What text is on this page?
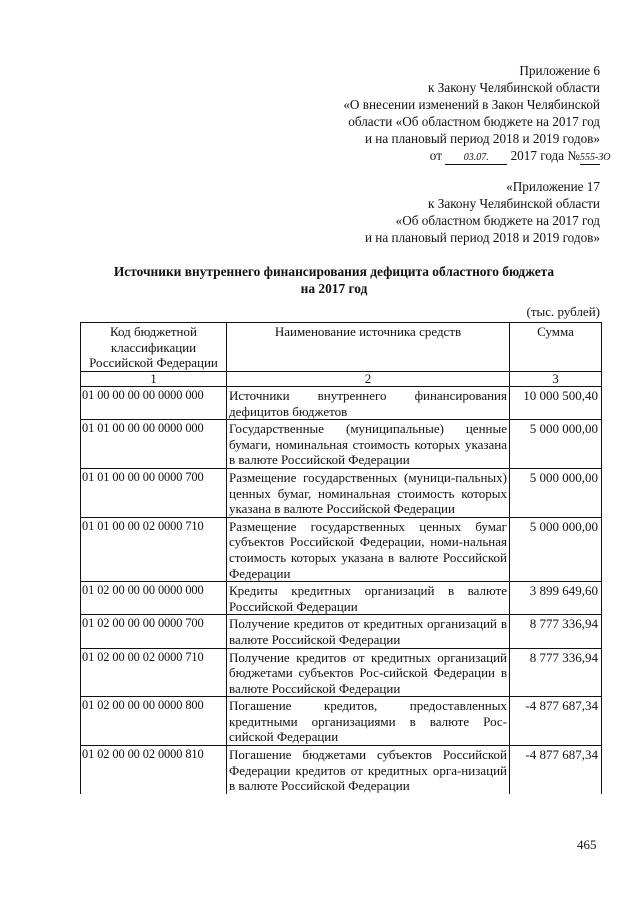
Приложение 6
к Закону Челябинской области
«О внесении изменений в Закон Челябинской
области «Об областном бюджете на 2017 год
и на плановый период 2018 и 2019 годов»
от 03.07. 2017 года №555-ЗО
«Приложение 17
к Закону Челябинской области
«Об областном бюджете на 2017 год
и на плановый период 2018 и 2019 годов»
Источники внутреннего финансирования дефицита областного бюджета
на 2017 год
(тыс. рублей)
Код бюджетной классификации Российской Федерации	Наименование источника средств	Сумма
1	2	3
01 00 00 00 00 0000 000	Источники внутреннего финансирования дефицитов бюджетов	10 000 500,40
01 01 00 00 00 0000 000	Государственные (муниципальные) ценные бумаги, номинальная стоимость которых указана в валюте Российской Федерации	5 000 000,00
01 01 00 00 00 0000 700	Размещение государственных (муници-пальных) ценных бумаг, номинальная стоимость которых указана в валюте Российской Федерации	5 000 000,00
01 01 00 00 02 0000 710	Размещение государственных ценных бумаг субъектов Российской Федерации, номи-нальная стоимость которых указана в валюте Российской Федерации	5 000 000,00
01 02 00 00 00 0000 000	Кредиты кредитных организаций в валюте Российской Федерации	3 899 649,60
01 02 00 00 00 0000 700	Получение кредитов от кредитных организаций в валюте Российской Федерации	8 777 336,94
01 02 00 00 02 0000 710	Получение кредитов от кредитных организаций бюджетами субъектов Рос-сийской Федерации в валюте Российской Федерации	8 777 336,94
01 02 00 00 00 0000 800	Погашение кредитов, предоставленных кредитными организациями в валюте Рос-сийской Федерации	-4 877 687,34
01 02 00 00 02 0000 810	Погашение бюджетами субъектов Российской Федерации кредитов от кредитных орга-низаций в валюте Российской Федерации	-4 877 687,34
465
